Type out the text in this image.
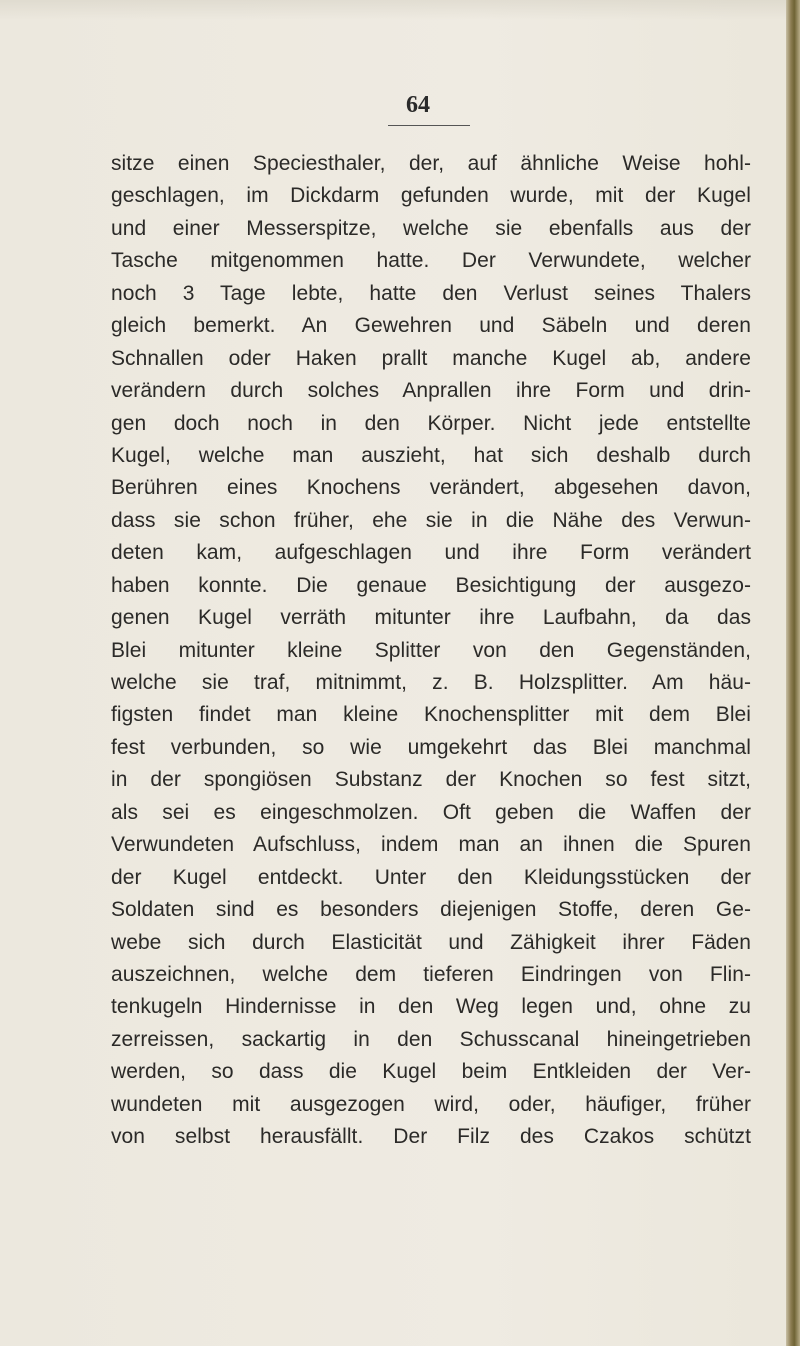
64
sitze einen Speciesthaler, der, auf ähnliche Weise hohl-
geschlagen, im Dickdarm gefunden wurde, mit der Kugel
und einer Messerspitze, welche sie ebenfalls aus der
Tasche mitgenommen hatte. Der Verwundete, welcher
noch 3 Tage lebte, hatte den Verlust seines Thalers
gleich bemerkt. An Gewehren und Säbeln und deren
Schnallen oder Haken prallt manche Kugel ab, andere
verändern durch solches Anprallen ihre Form und drin-
gen doch noch in den Körper. Nicht jede entstellte
Kugel, welche man auszieht, hat sich deshalb durch
Berühren eines Knochens verändert, abgesehen davon,
dass sie schon früher, ehe sie in die Nähe des Verwun-
deten kam, aufgeschlagen und ihre Form verändert
haben konnte. Die genaue Besichtigung der ausgezo-
genen Kugel verräth mitunter ihre Laufbahn, da das
Blei mitunter kleine Splitter von den Gegenständen,
welche sie traf, mitnimmt, z. B. Holzsplitter. Am häu-
figsten findet man kleine Knochensplitter mit dem Blei
fest verbunden, so wie umgekehrt das Blei manchmal
in der spongiösen Substanz der Knochen so fest sitzt,
als sei es eingeschmolzen. Oft geben die Waffen der
Verwundeten Aufschluss, indem man an ihnen die Spuren
der Kugel entdeckt. Unter den Kleidungsstücken der
Soldaten sind es besonders diejenigen Stoffe, deren Ge-
webe sich durch Elasticität und Zähigkeit ihrer Fäden
auszeichnen, welche dem tieferen Eindringen von Flin-
tenkugeln Hindernisse in den Weg legen und, ohne zu
zerreissen, sackartig in den Schusscanal hineingetrieben
werden, so dass die Kugel beim Entkleiden der Ver-
wundeten mit ausgezogen wird, oder, häufiger, früher
von selbst herausfällt. Der Filz des Czakos schützt
